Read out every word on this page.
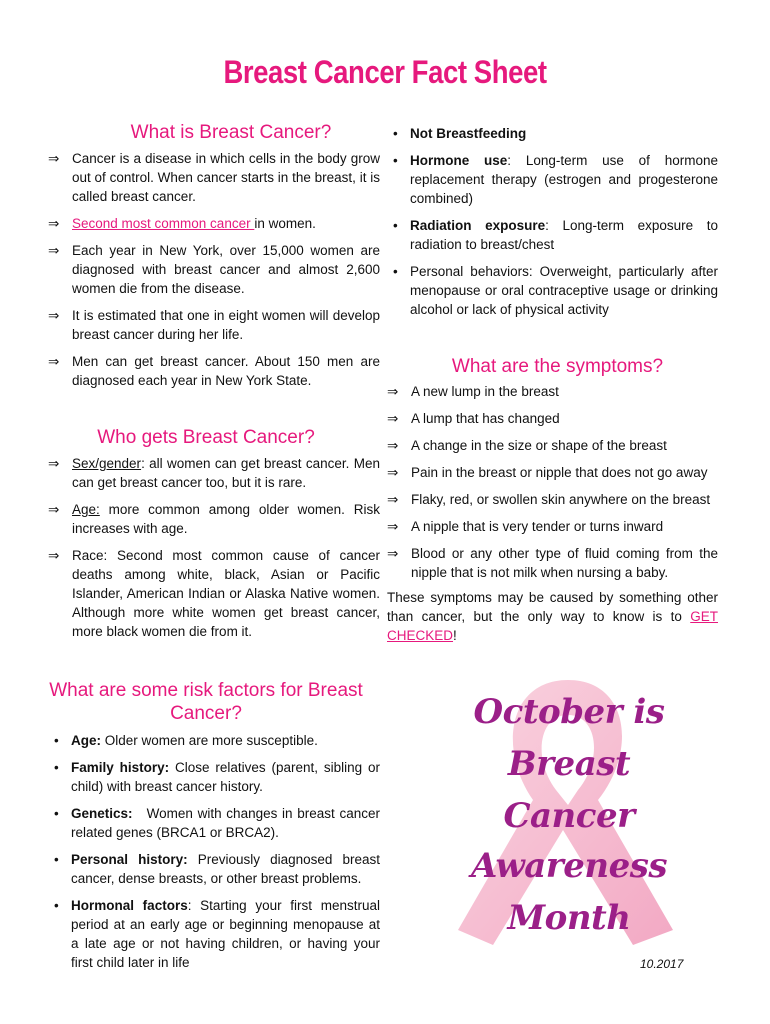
Breast Cancer Fact Sheet
What is Breast Cancer?
⇒ Cancer is a disease in which cells in the body grow out of control. When cancer starts in the breast, it is called breast cancer.
⇒ Second most common cancer in women.
⇒ Each year in New York, over 15,000 women are diagnosed with breast cancer and almost 2,600 women die from the disease.
⇒ It is estimated that one in eight women will develop breast cancer during her life.
⇒ Men can get breast cancer. About 150 men are diagnosed each year in New York State.
Who gets Breast Cancer?
⇒ Sex/gender: all women can get breast cancer. Men can get breast cancer too, but it is rare.
⇒ Age: more common among older women. Risk increases with age.
⇒ Race: Second most common cause of cancer deaths among white, black, Asian or Pacific Islander, American Indian or Alaska Native women. Although more white women get breast cancer, more black women die from it.
What are some risk factors for Breast Cancer?
• Age: Older women are more susceptible.
• Family history: Close relatives (parent, sibling or child) with breast cancer history.
• Genetics:   Women with changes in breast cancer related genes (BRCA1 or BRCA2).
• Personal history: Previously diagnosed breast cancer, dense breasts, or other breast problems.
• Hormonal factors: Starting your first menstrual period at an early age or beginning menopause at a late age or not having children, or having your first child later in life
• Not Breastfeeding
• Hormone use: Long-term use of hormone replacement therapy (estrogen and progesterone combined)
• Radiation exposure: Long-term exposure to radiation to breast/chest
• Personal behaviors: Overweight, particularly after menopause or oral contraceptive usage or drinking alcohol or lack of physical activity
What are the symptoms?
⇒ A new lump in the breast
⇒ A lump that has changed
⇒ A change in the size or shape of the breast
⇒ Pain in the breast or nipple that does not go away
⇒ Flaky, red, or swollen skin anywhere on the breast
⇒ A nipple that is very tender or turns inward
⇒ Blood or any other type of fluid coming from the nipple that is not milk when nursing a baby.
These symptoms may be caused by something other than cancer, but the only way to know is to GET CHECKED!
October is
Breast
Cancer
Awareness
Month
10.2017
